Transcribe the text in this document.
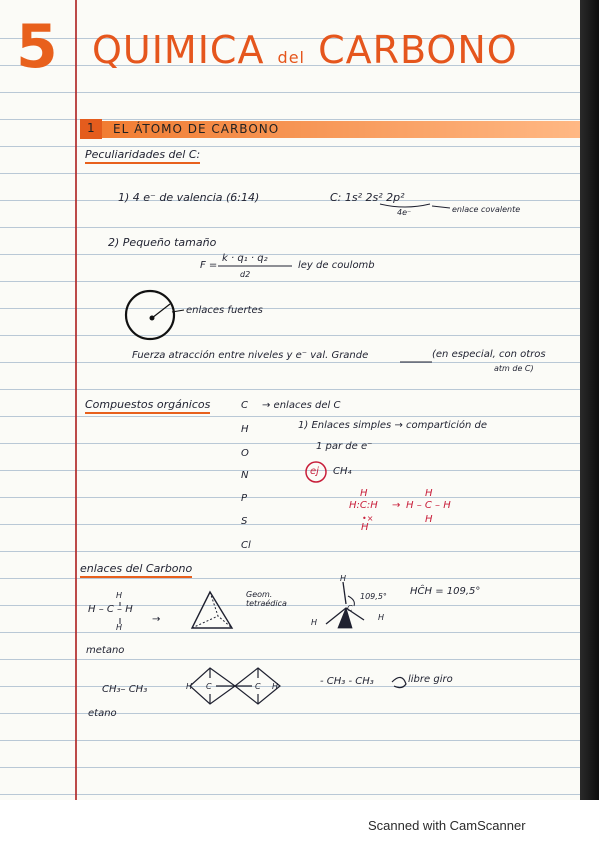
5 QUIMICA del CARBONO
1 EL ÁTOMO DE CARBONO
Peculiaridades del C:
1) 4 e⁻ de valencia (6:14)	C: 1s² 2s² 2p²
4e⁻	enlace covalente
2) Pequeño tamaño
F =
k · q₁ · q₂
d2
ley de coulomb
enlaces fuertes
Fuerza atracción entre niveles y e⁻ val. Grande	(en especial, con otros
atm de C)
Compuestos orgánicos	C
H
O
N
P
S
Cl
→ enlaces del C
1) Enlaces simples → compartición de
1 par de e⁻
ej CH₄
H:C:H
H
•×
H
→ H – C – H
H
H
enlaces del Carbono
H – C – H
H
H
metano
→
Geom. tetraédica
109,5° HĈH = 109,5°
H
H
H
C
CH₃– CH₃
etano
- CH₃ - CH₃	libre giro
H C	C H
Scanned with CamScanner
